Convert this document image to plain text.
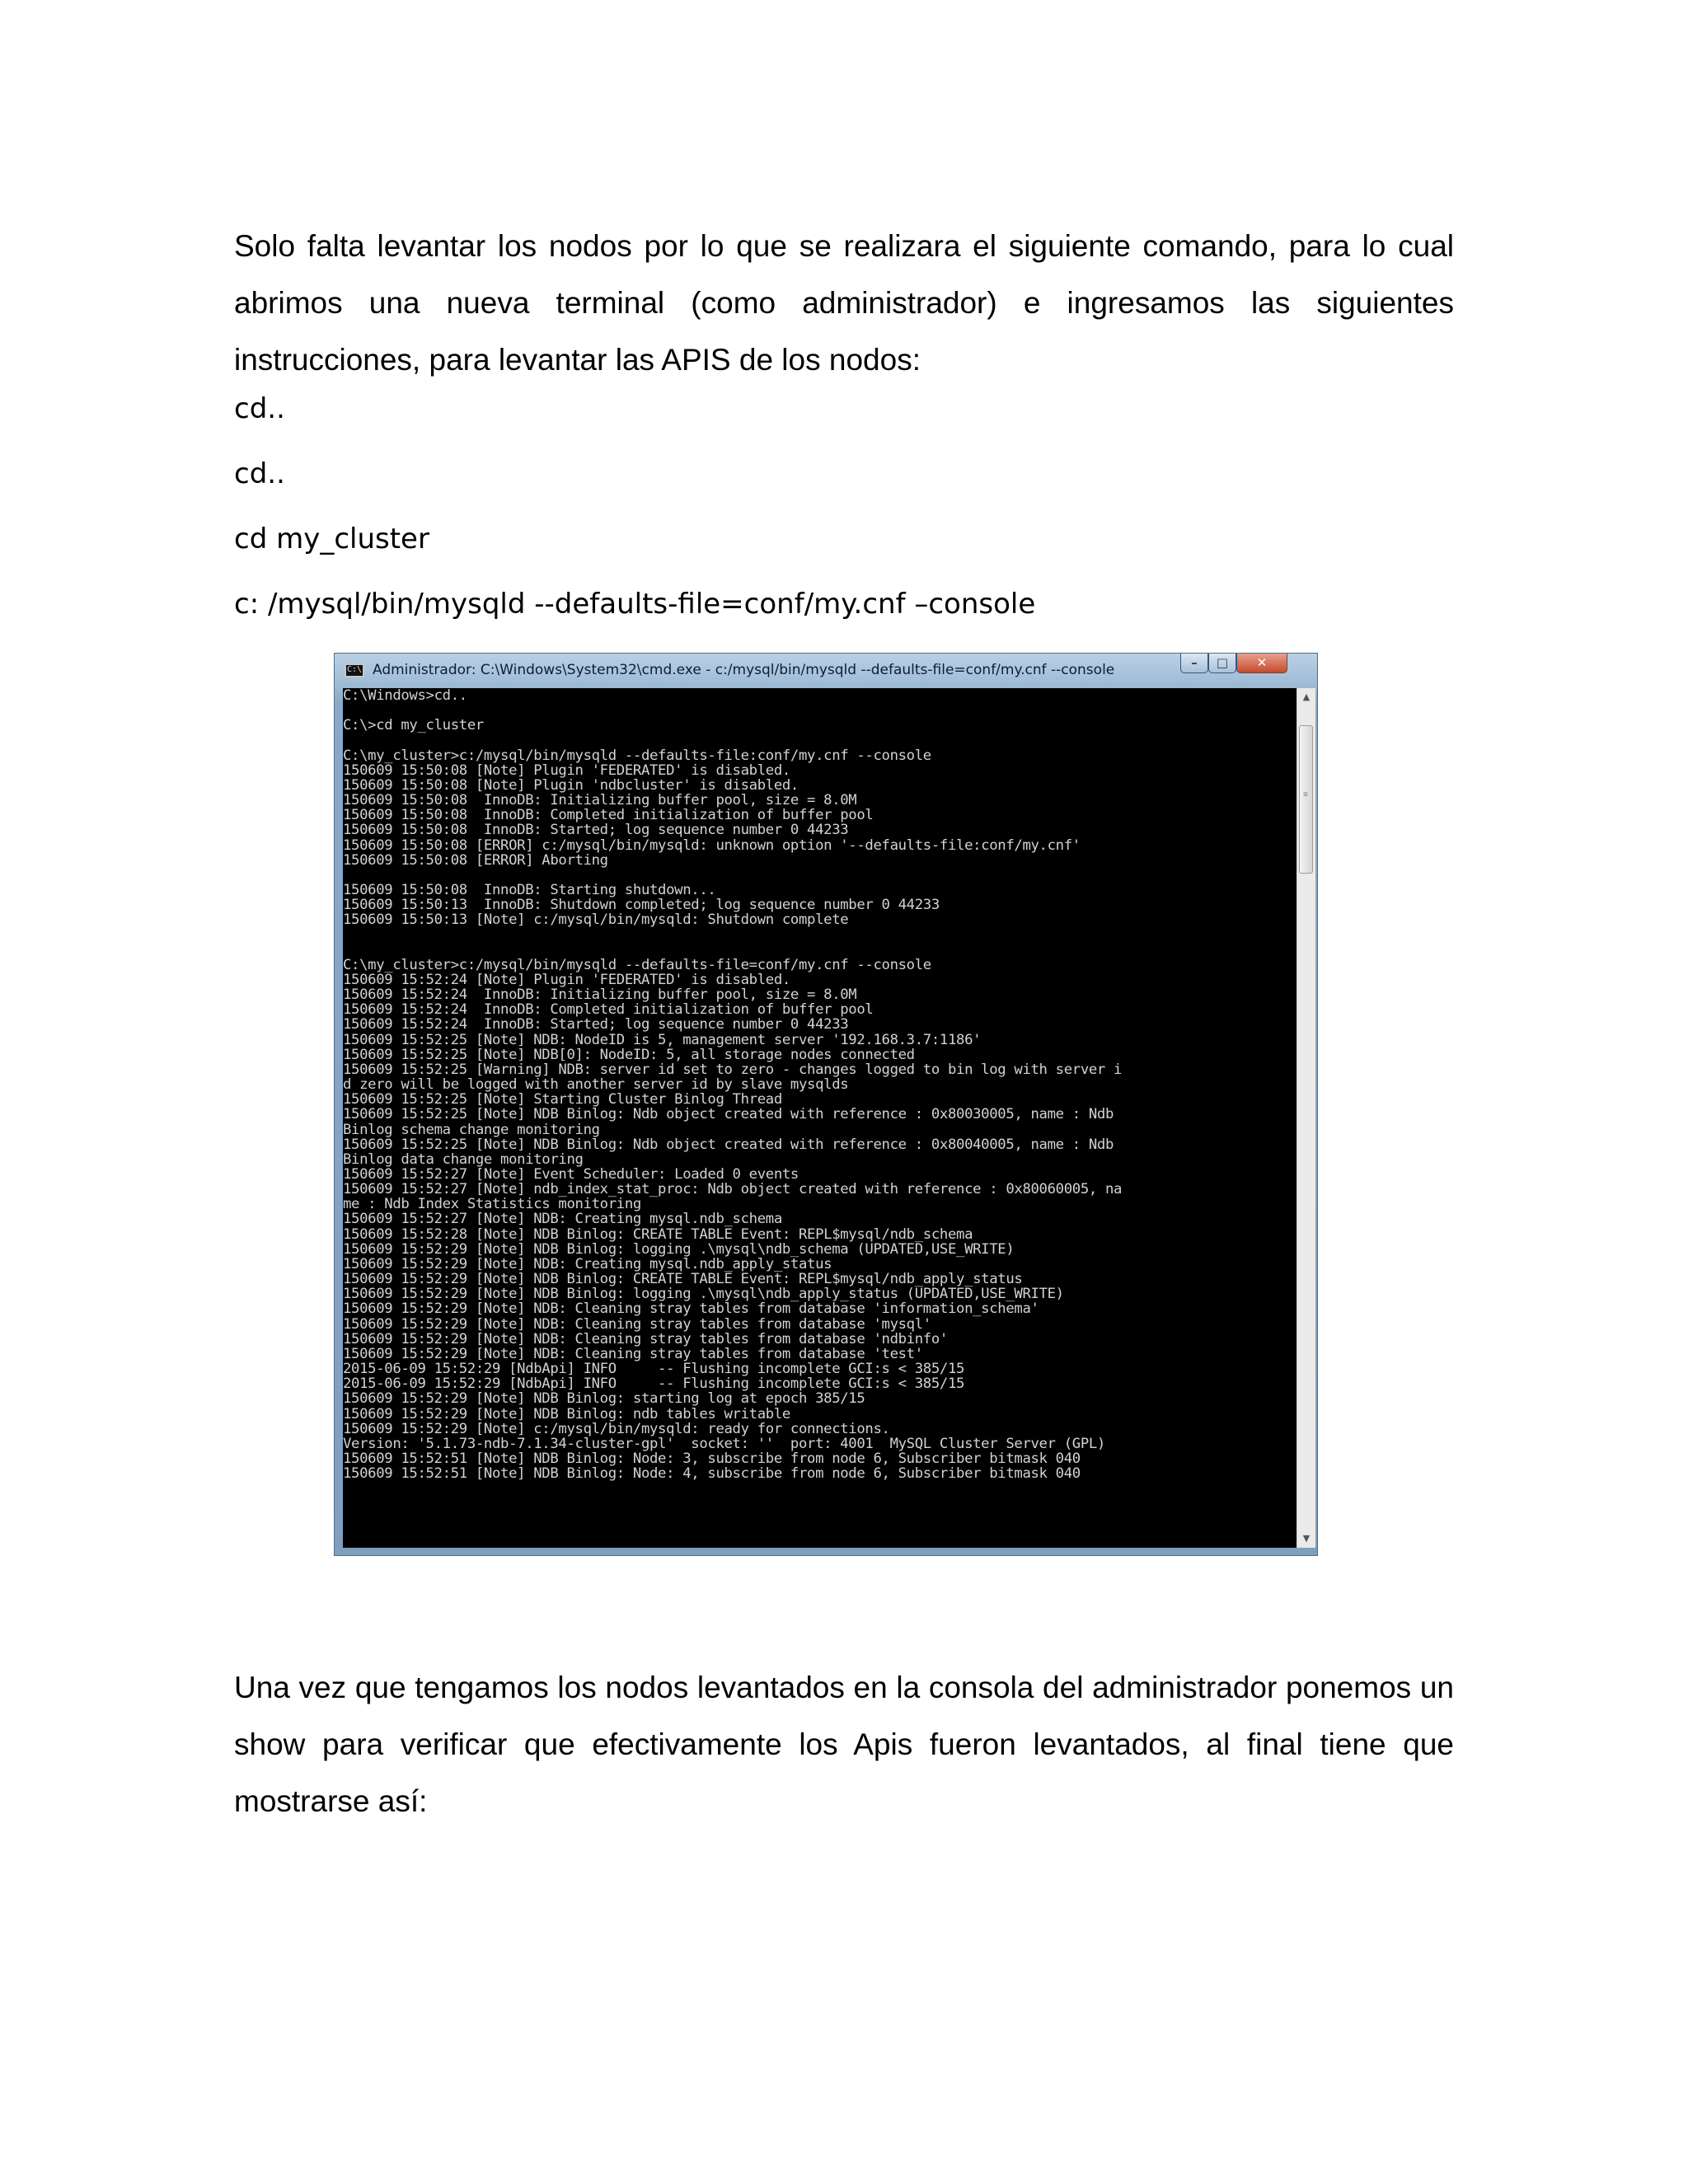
Solo falta levantar los nodos por lo que se realizara el siguiente comando, para lo cual abrimos una nueva terminal (como administrador) e ingresamos las siguientes instrucciones, para levantar las APIS de los nodos:

cd..
cd..
cd my_cluster
c: /mysql/bin/mysqld --defaults-file=conf/my.cnf –console
C:\ Administrador: C:\Windows\System32\cmd.exe - c:/mysql/bin/mysqld --defaults-file=conf/my.cnf --console	–	□	✕
C:\Windows>cd..

C:\>cd my_cluster

C:\my_cluster>c:/mysql/bin/mysqld --defaults-file:conf/my.cnf --console
150609 15:50:08 [Note] Plugin 'FEDERATED' is disabled.
150609 15:50:08 [Note] Plugin 'ndbcluster' is disabled.
150609 15:50:08  InnoDB: Initializing buffer pool, size = 8.0M
150609 15:50:08  InnoDB: Completed initialization of buffer pool
150609 15:50:08  InnoDB: Started; log sequence number 0 44233
150609 15:50:08 [ERROR] c:/mysql/bin/mysqld: unknown option '--defaults-file:conf/my.cnf'
150609 15:50:08 [ERROR] Aborting

150609 15:50:08  InnoDB: Starting shutdown...
150609 15:50:13  InnoDB: Shutdown completed; log sequence number 0 44233
150609 15:50:13 [Note] c:/mysql/bin/mysqld: Shutdown complete

C:\my_cluster>c:/mysql/bin/mysqld --defaults-file=conf/my.cnf --console
150609 15:52:24 [Note] Plugin 'FEDERATED' is disabled.
150609 15:52:24  InnoDB: Initializing buffer pool, size = 8.0M
150609 15:52:24  InnoDB: Completed initialization of buffer pool
150609 15:52:24  InnoDB: Started; log sequence number 0 44233
150609 15:52:25 [Note] NDB: NodeID is 5, management server '192.168.3.7:1186'
150609 15:52:25 [Note] NDB[0]: NodeID: 5, all storage nodes connected
150609 15:52:25 [Warning] NDB: server id set to zero - changes logged to bin log with server i
d zero will be logged with another server id by slave mysqlds
150609 15:52:25 [Note] Starting Cluster Binlog Thread
150609 15:52:25 [Note] NDB Binlog: Ndb object created with reference : 0x80030005, name : Ndb
Binlog schema change monitoring
150609 15:52:25 [Note] NDB Binlog: Ndb object created with reference : 0x80040005, name : Ndb
Binlog data change monitoring
150609 15:52:27 [Note] Event Scheduler: Loaded 0 events
150609 15:52:27 [Note] ndb_index_stat_proc: Ndb object created with reference : 0x80060005, na
me : Ndb Index Statistics monitoring
150609 15:52:27 [Note] NDB: Creating mysql.ndb_schema
150609 15:52:28 [Note] NDB Binlog: CREATE TABLE Event: REPL$mysql/ndb_schema
150609 15:52:29 [Note] NDB Binlog: logging .\mysql\ndb_schema (UPDATED,USE_WRITE)
150609 15:52:29 [Note] NDB: Creating mysql.ndb_apply_status
150609 15:52:29 [Note] NDB Binlog: CREATE TABLE Event: REPL$mysql/ndb_apply_status
150609 15:52:29 [Note] NDB Binlog: logging .\mysql\ndb_apply_status (UPDATED,USE_WRITE)
150609 15:52:29 [Note] NDB: Cleaning stray tables from database 'information_schema'
150609 15:52:29 [Note] NDB: Cleaning stray tables from database 'mysql'
150609 15:52:29 [Note] NDB: Cleaning stray tables from database 'ndbinfo'
150609 15:52:29 [Note] NDB: Cleaning stray tables from database 'test'
2015-06-09 15:52:29 [NdbApi] INFO     -- Flushing incomplete GCI:s < 385/15
2015-06-09 15:52:29 [NdbApi] INFO     -- Flushing incomplete GCI:s < 385/15
150609 15:52:29 [Note] NDB Binlog: starting log at epoch 385/15
150609 15:52:29 [Note] NDB Binlog: ndb tables writable
150609 15:52:29 [Note] c:/mysql/bin/mysqld: ready for connections.
Version: '5.1.73-ndb-7.1.34-cluster-gpl'  socket: ''  port: 4001  MySQL Cluster Server (GPL)
150609 15:52:51 [Note] NDB Binlog: Node: 3, subscribe from node 6, Subscriber bitmask 040
150609 15:52:51 [Note] NDB Binlog: Node: 4, subscribe from node 6, Subscriber bitmask 040
▲
≡
▼

Una vez que tengamos los nodos levantados en la consola del administrador ponemos un show para verificar que efectivamente los Apis fueron levantados, al final tiene que mostrarse así:
